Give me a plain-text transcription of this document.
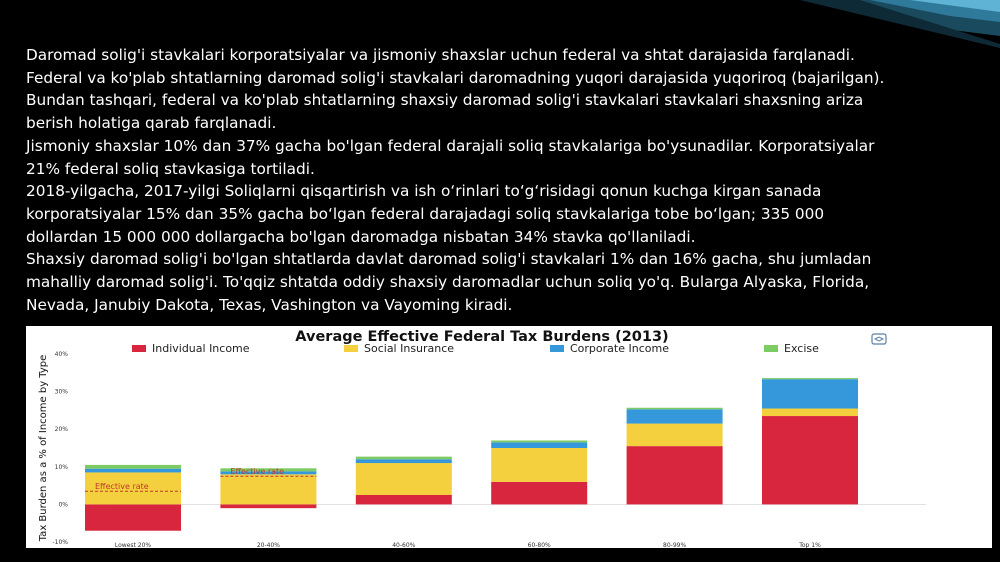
Daromad solig'i stavkalari korporatsiyalar va jismoniy shaxslar uchun federal va shtat darajasida farqlanadi.

Federal va ko'plab shtatlarning daromad solig'i stavkalari daromadning yuqori darajasida yuqoriroq (bajarilgan).

Bundan tashqari, federal va ko'plab shtatlarning shaxsiy daromad solig'i stavkalari stavkalari shaxsning ariza

berish holatiga qarab farqlanadi.

Jismoniy shaxslar 10% dan 37% gacha bo'lgan federal darajali soliq stavkalariga bo'ysunadilar. Korporatsiyalar

21% federal soliq stavkasiga tortiladi.

2018-yilgacha, 2017-yilgi Soliqlarni qisqartirish va ish o‘rinlari to‘g‘risidagi qonun kuchga kirgan sanada

korporatsiyalar 15% dan 35% gacha bo‘lgan federal darajadagi soliq stavkalariga tobe bo‘lgan; 335 000

dollardan 15 000 000 dollargacha bo'lgan daromadga nisbatan 34% stavka qo'llaniladi.

Shaxsiy daromad solig'i bo'lgan shtatlarda davlat daromad solig'i stavkalari 1% dan 16% gacha, shu jumladan

mahalliy daromad solig'i. To'qqiz shtatda oddiy shaxsiy daromadlar uchun soliq yo'q. Bularga Alyaska, Florida,

Nevada, Janubiy Dakota, Texas, Vashington va Vayoming kiradi.

Average Effective Federal Tax Burdens (2013)
Individual Income	Social Insurance	Corporate Income	Excise
-10%
0%
10%
20%
30%
40%
Lowest 20%	20-40%	40-60%	60-80%	80-99%	Top 1%
Effective rate
Effective rate
Tax Burden as a % of Income by Type
